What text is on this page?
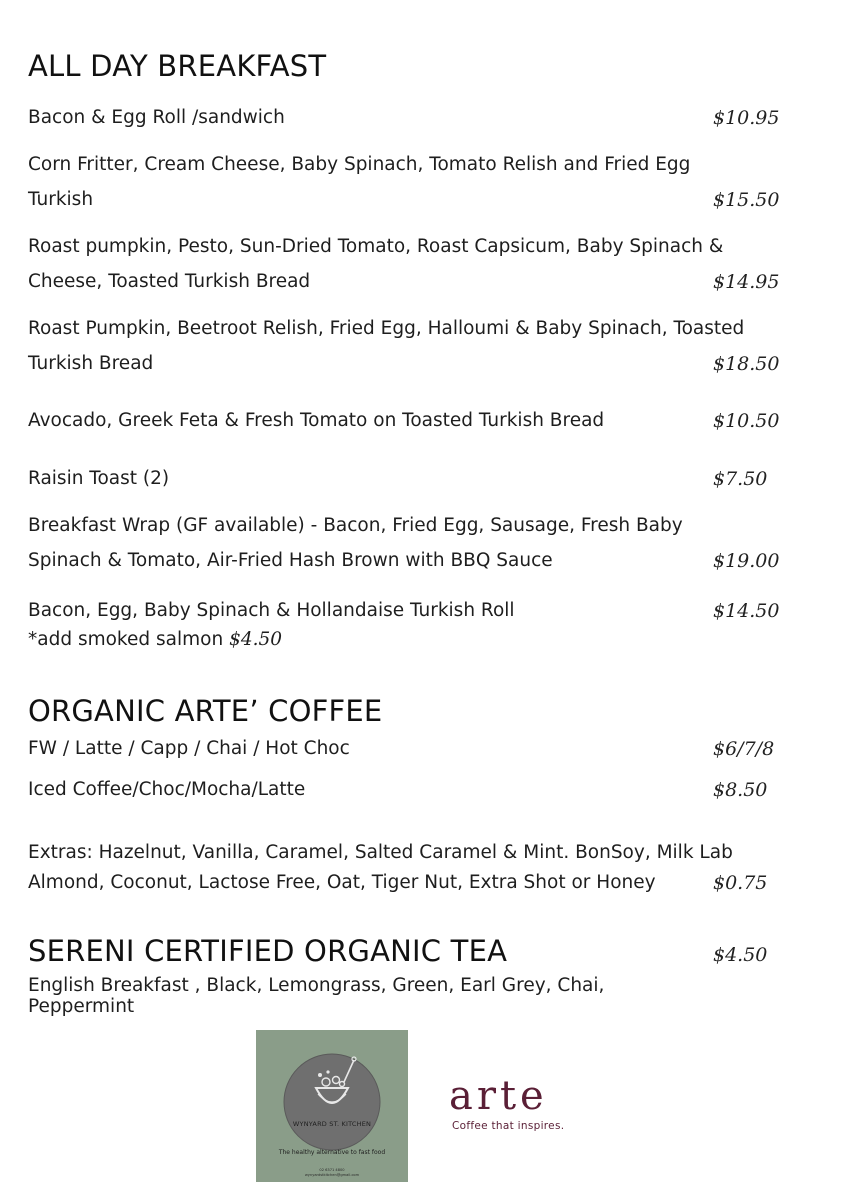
ALL DAY BREAKFAST
Bacon & Egg Roll /sandwich	$10.95
Corn Fritter, Cream Cheese, Baby Spinach, Tomato Relish and Fried Egg
Turkish	$15.50
Roast pumpkin, Pesto, Sun-Dried Tomato, Roast Capsicum, Baby Spinach &
Cheese, Toasted Turkish Bread	$14.95
Roast Pumpkin, Beetroot Relish, Fried Egg, Halloumi & Baby Spinach, Toasted
Turkish Bread	$18.50
Avocado, Greek Feta & Fresh Tomato on Toasted Turkish Bread	$10.50
Raisin Toast (2)	$7.50
Breakfast Wrap (GF available) - Bacon, Fried Egg, Sausage, Fresh Baby
Spinach & Tomato, Air-Fried Hash Brown with BBQ Sauce	$19.00
Bacon, Egg, Baby Spinach & Hollandaise Turkish Roll	$14.50
*add smoked salmon $4.50
ORGANIC ARTE’ COFFEE
FW / Latte / Capp / Chai / Hot Choc	$6/7/8
Iced Coffee/Choc/Mocha/Latte	$8.50
Extras: Hazelnut, Vanilla, Caramel, Salted Caramel & Mint. BonSoy, Milk Lab
Almond, Coconut, Lactose Free, Oat, Tiger Nut, Extra Shot or Honey	$0.75
SERENI CERTIFIED ORGANIC TEA	$4.50
English Breakfast , Black, Lemongrass, Green, Earl Grey, Chai,
Peppermint
WYNYARD ST. KITCHEN
The healthy alternative to fast food
02 6371 4800
wynyardstkitchen@gmail.com
arte
Coffee that inspires.
